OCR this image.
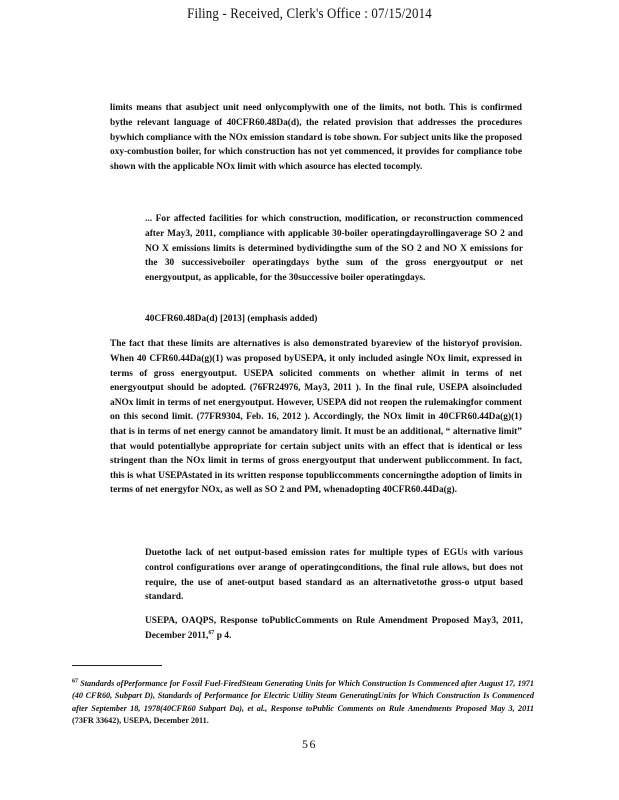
Filing - Received, Clerk's Office : 07/15/2014

limits means that asubject unit need onlycomplywith one of the limits, not both. This is confirmed bythe relevant language of 40CFR60.48Da(d), the related provision that addresses the procedures bywhich compliance with the NOx emission standard is tobe shown. For subject units like the proposed oxy-combustion boiler, for which construction has not yet commenced, it provides for compliance tobe shown with the applicable NOx limit with which asource has elected tocomply.

... For affected facilities for which construction, modification, or reconstruction commenced after May3, 2011, compliance with applicable 30-boiler operatingdayrollingaverage SO 2 and NO X emissions limits is determined bydividingthe sum of the SO 2 and NO X emissions for the 30 successiveboiler operatingdays bythe sum of the gross energyoutput or net energyoutput, as applicable, for the 30successive boiler operatingdays.

40CFR60.48Da(d) [2013] (emphasis added)

The fact that these limits are alternatives is also demonstrated byareview of the historyof provision. When 40 CFR60.44Da(g)(1) was proposed byUSEPA, it only included asingle NOx limit, expressed in terms of gross energyoutput. USEPA solicited comments on whether alimit in terms of net energyoutput should be adopted. (76FR24976, May3, 2011 ). In the final rule, USEPA alsoincluded aNOx limit in terms of net energyoutput. However, USEPA did not reopen the rulemakingfor comment on this second limit. (77FR9304, Feb. 16, 2012 ). Accordingly, the NOx limit in 40CFR60.44Da(g)(1) that is in terms of net energy cannot be amandatory limit. It must be an additional, “ alternative limit” that would potentiallybe appropriate for certain subject units with an effect that is identical or less stringent than the NOx limit in terms of gross energyoutput that underwent publiccomment. In fact, this is what USEPAstated in its written response topubliccomments concerningthe adoption of limits in terms of net energyfor NOx, as well as SO 2 and PM, whenadopting 40CFR60.44Da(g).

Duetothe lack of net output-based emission rates for multiple types of EGUs with various control configurations over arange of operatingconditions, the final rule allows, but does not require, the use of anet-output based standard as an alternativetothe gross-o utput based standard.

USEPA, OAQPS, Response toPublicComments on Rule Amendment Proposed May3, 2011, December 2011,67 p 4.

$^{67}$ Standards ofPerformance for Fossil Fuel-FiredSteam Generating Units for Which Construction Is Commenced after August 17, 1971 (40 CFR60, Subpart D), Standards of Performance for Electric Utility Steam GeneratingUnits for Which Construction Is Commenced after September 18, 1978(40CFR60 Subpart Da), et al., Response toPublic Comments on Rule Amendments Proposed May 3, 2011 (73FR 33642), USEPA, December 2011.

56
